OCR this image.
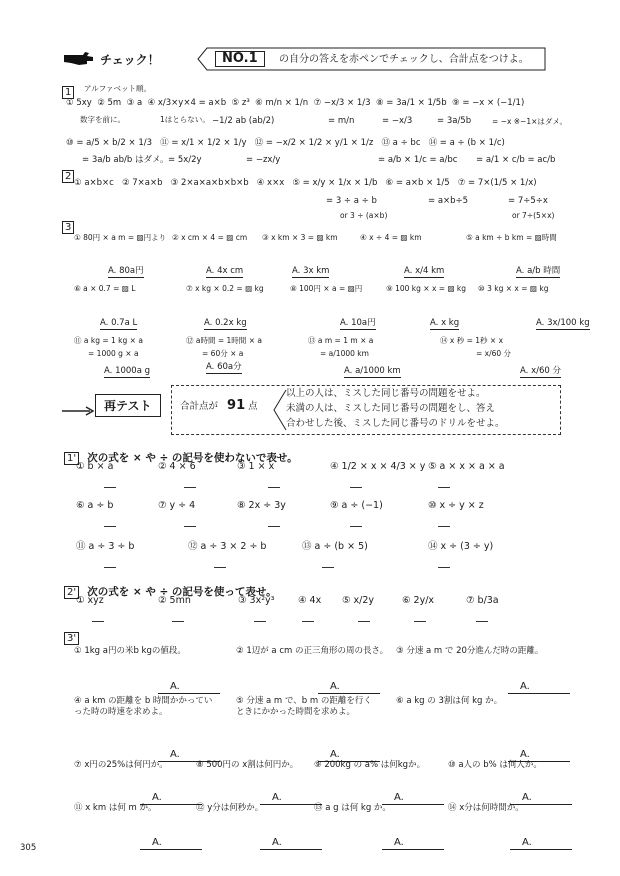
チェック！	NO.1	の自分の答えを赤ペンでチェックし、合計点をつけよ。
1	アルファベット順。
① 5xy ② 5m ③ a ④ x/3×y×4 = a×b ⑤ z³ ⑥ m/n × 1/n ⑦ −x/3 × 1/3 ⑧ = 3a/1 × 1/5b ⑨ = −x × (−1/1)
数字を前に。	1はとらない。 −1/2 ab (ab/2)	= m/n	= −x/3	= 3a/5b	= −x ※−1×はダメ。
⑩ = a/5 × b/2 × 1/3 ⑪ = x/1 × 1/2 × 1/y ⑫ = −x/2 × 1/2 × y/1 × 1/z ⑬ a ÷ bc ⑭ = a ÷ (b × 1/c)
= 3a/b ab/b はダメ。 = 5x/2y	= −zx/y	= a/b × 1/c = a/bc = a/1 × c/b = ac/b
2
① a×b×c ② 7×a×b ③ 2×a×a×b×b×b ④ x×x ⑤ = x/y × 1/x × 1/b ⑥ = a×b × 1/5 ⑦ = 7×(1/5 × 1/x)
= 3 ÷ a ÷ b	= a×b÷5	= 7÷5÷x
or 3 ÷ (a×b)	or 7÷(5×x)
3
① 80円 × a m = ▨円より ② x cm × 4 = ▨ cm	③ x km × 3 = ▨ km	④ x ÷ 4 = ▨ km	⑤ a km ÷ b km = ▨時間
A. 80a円	A. 4x cm	A. 3x km	A. x/4 km	A. a/b 時間
⑥ a × 0.7 = ▨ L	⑦ x kg × 0.2 = ▨ kg	⑧ 100円 × a = ▨円	⑨ 100 kg × x = ▨ kg	⑩ 3 kg × x = ▨ kg
A. 0.7a L	A. 0.2x kg	A. 10a円	A. x kg	A. 3x/100 kg
⑪ a kg = 1 kg × a	⑫ a時間 = 1時間 × a	⑬ a m = 1 m × a	⑭ x 秒 = 1秒 × x
= 1000 g × a	= 60分 × a	= a/1000 km	= x/60 分
A. 1000a g	A. 60a分	A. a/1000 km	A. x/60 分
再テスト	合計点が 91 点
以上の人は、ミスした同じ番号の問題をせよ。
未満の人は、ミスした同じ番号の問題をし、答え
合わせした後、ミスした同じ番号のドリルをせよ。
1' 次の式を × や ÷ の記号を使わないで表せ。
① b × a	② 4 × 6	③ 1 × x	④ 1/2 × x × 4/3 × y ⑤ a × x × a × a
⑥ a ÷ b	⑦ y ÷ 4	⑧ 2x ÷ 3y	⑨ a ÷ (−1)	⑩ x ÷ y × z
⑪ a ÷ 3 ÷ b	⑫ a ÷ 3 × 2 ÷ b	⑬ a ÷ (b × 5)	⑭ x ÷ (3 ÷ y)
2' 次の式を × や ÷ の記号を使って表せ。
① xyz	② 5mn	③ 3x²y³ ④ 4x ⑤ x/2y	⑥ 2y/x	⑦ b/3a
3'
① 1kg a円の米b kgの値段。	② 1辺が a cm の正三角形の周の長さ。 ③ 分速 a m で 20分進んだ時の距離。
A.	A.	A.
④ a km の距離を b 時間かかってい
った時の時速を求めよ。
⑤ 分速 a m で、b m の距離を行く
ときにかかった時間を求めよ。
⑥ a kg の 3割は何 kg か。
A.	A.	A.
⑦ x円の25%は何円か。	⑧ 500円の x割は何円か。 ⑨ 200kg の a% は何kgか。	⑩ a人の b% は何人か。
A.	A.	A.	A.
⑪ x km は何 m か。	⑫ y分は何秒か。	⑬ a g は何 kg か。	⑭ x分は何時間か。
A.	A.	A.	A.
305
